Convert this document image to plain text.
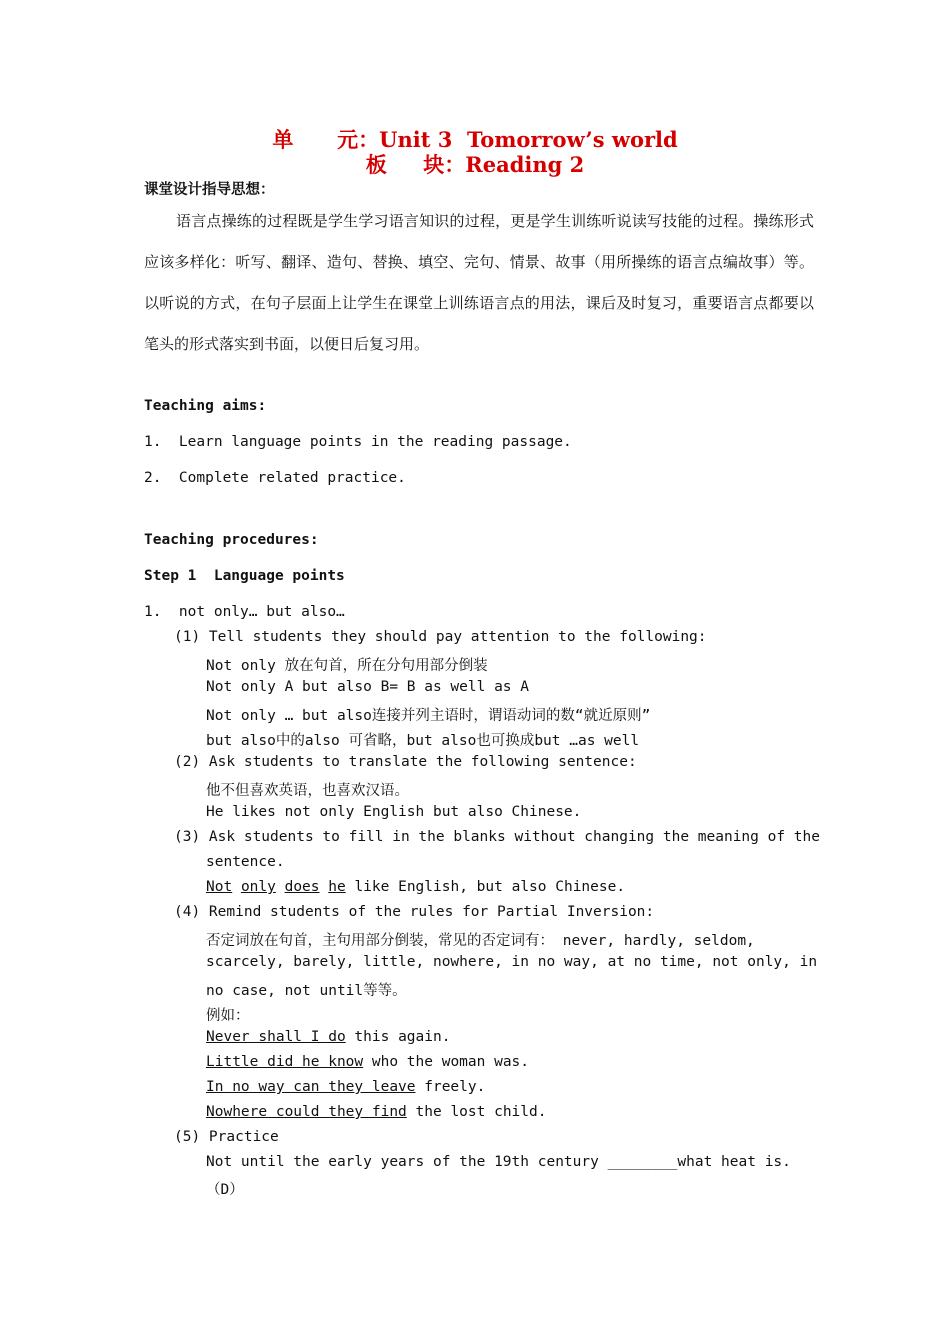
单      元：Unit 3  Tomorrow’s world
板     块：Reading 2
课堂设计指导思想：
语言点操练的过程既是学生学习语言知识的过程，更是学生训练听说读写技能的过程。操练形式应该多样化：听写、翻译、造句、替换、填空、完句、情景、故事（用所操练的语言点编故事）等。以听说的方式，在句子层面上让学生在课堂上训练语言点的用法，课后及时复习，重要语言点都要以笔头的形式落实到书面，以便日后复习用。
Teaching aims:
1.  Learn language points in the reading passage.
2.  Complete related practice.
Teaching procedures:
Step 1  Language points
1.  not only… but also…
(1) Tell students they should pay attention to the following:
Not only 放在句首，所在分句用部分倒装
Not only A but also B= B as well as A
Not only … but also连接并列主语时，谓语动词的数“就近原则”
but also中的also 可省略，but also也可换成but …as well
(2) Ask students to translate the following sentence:
他不但喜欢英语，也喜欢汉语。
He likes not only English but also Chinese.
(3) Ask students to fill in the blanks without changing the meaning of the
sentence.
Not only does he like English, but also Chinese.
(4) Remind students of the rules for Partial Inversion:
否定词放在句首，主句用部分倒装，常见的否定词有： never, hardly, seldom,
scarcely, barely, little, nowhere, in no way, at no time, not only, in
no case, not until等等。
例如：
Never shall I do this again.
Little did he know who the woman was.
In no way can they leave freely.
Nowhere could they find the lost child.
(5) Practice
Not until the early years of the 19th century ________what heat is.
（D）
